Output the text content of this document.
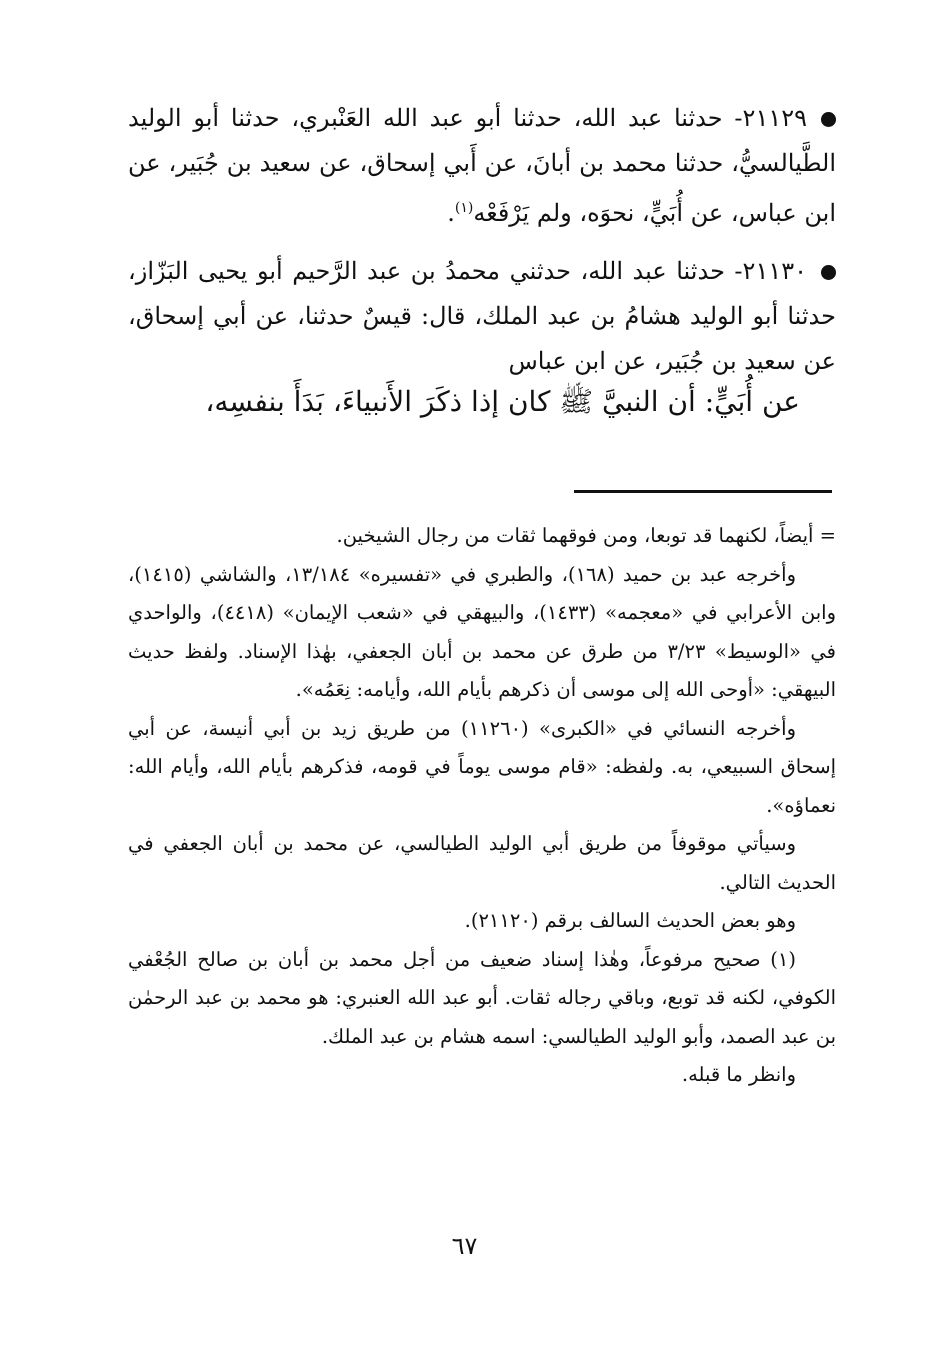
٢١١٢٩- حدثنا عبد الله، حدثنا أبو عبد الله العَنْبري، حدثنا أبو الوليد الطَّيالسيُّ، حدثنا محمد بن أبانَ، عن أَبي إسحاق، عن سعيد بن جُبَير، عن ابن عباس، عن أُبَيٍّ، نحوَه، ولم يَرْفَعْه$^{(١)}$.

٢١١٣٠- حدثنا عبد الله، حدثني محمدُ بن عبد الرَّحيم أبو يحيى البَزّاز، حدثنا أبو الوليد هشامُ بن عبد الملك، قال: قيسٌ حدثنا، عن أبي إسحاق، عن سعيد بن جُبَير، عن ابن عباس

عن أُبَيٍّ: أن النبيَّ ﷺ كان إذا ذكَرَ الأَنبياءَ، بَدَأَ بنفسِه،

= أيضاً، لكنهما قد توبعا، ومن فوقهما ثقات من رجال الشيخين.

وأخرجه عبد بن حميد (١٦٨)، والطبري في «تفسيره» ١٣/١٨٤، والشاشي (١٤١٥)، وابن الأعرابي في «معجمه» (١٤٣٣)، والبيهقي في «شعب الإيمان» (٤٤١٨)، والواحدي في «الوسيط» ٣/٢٣ من طرق عن محمد بن أبان الجعفي، بهٰذا الإسناد. ولفظ حديث البيهقي: «أوحى الله إلى موسى أن ذكرهم بأيام الله، وأيامه: نِعَمُه».

وأخرجه النسائي في «الكبرى» (١١٢٦٠) من طريق زيد بن أبي أنيسة، عن أبي إسحاق السبيعي، به. ولفظه: «قام موسى يوماً في قومه، فذكرهم بأيام الله، وأيام الله: نعماؤه».

وسيأتي موقوفاً من طريق أبي الوليد الطيالسي، عن محمد بن أبان الجعفي في الحديث التالي.

وهو بعض الحديث السالف برقم (٢١١٢٠).

(١) صحيح مرفوعاً، وهٰذا إسناد ضعيف من أجل محمد بن أبان بن صالح الجُعْفي الكوفي، لكنه قد توبع، وباقي رجاله ثقات. أبو عبد الله العنبري: هو محمد بن عبد الرحمٰن بن عبد الصمد، وأبو الوليد الطيالسي: اسمه هشام بن عبد الملك.

وانظر ما قبله.

٦٧
